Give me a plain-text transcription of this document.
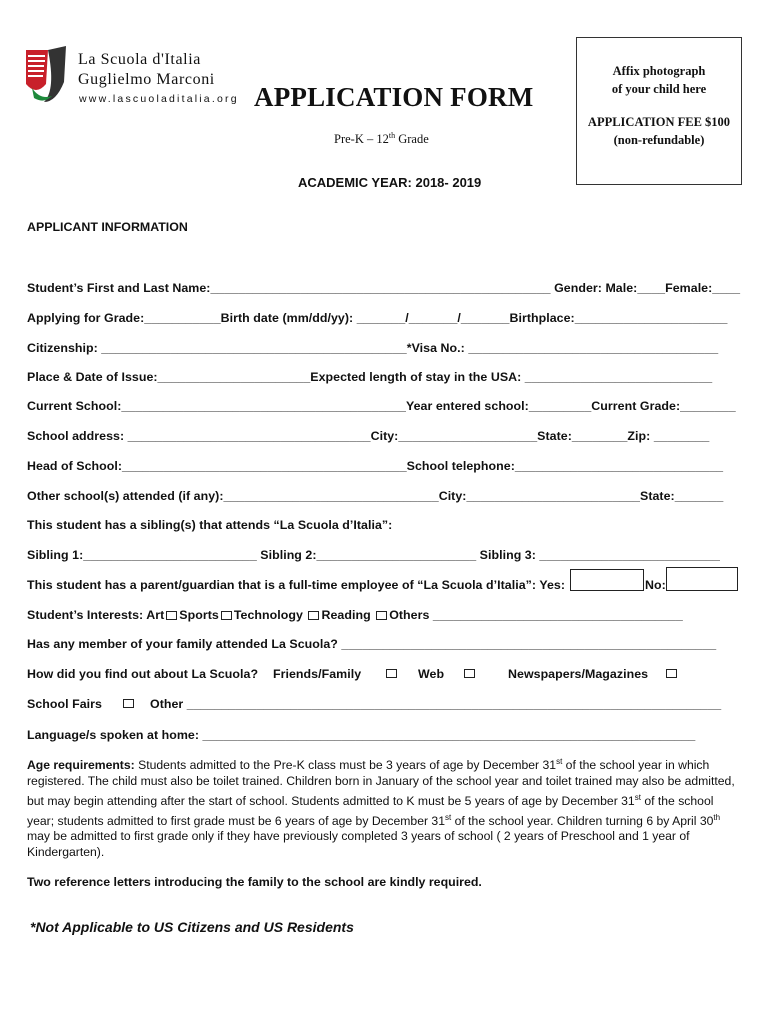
La Scuola d'Italia
Guglielmo Marconi
www.lascuoladitalia.org APPLICATION FORM
Pre-K – 12th Grade
ACADEMIC YEAR: 2018- 2019
Affix photograph
of your child here
APPLICATION FEE $100
(non-refundable)
APPLICANT INFORMATION
Student’s First and Last Name:_________________________________________________ Gender: Male:____Female:____
Applying for Grade:___________Birth date (mm/dd/yy): _______/_______/_______Birthplace:______________________
Citizenship: ____________________________________________*Visa No.: ____________________________________
Place & Date of Issue:______________________Expected length of stay in the USA: ___________________________
Current School:_________________________________________Year entered school:_________Current Grade:________
School address: ___________________________________City:____________________State:________Zip: ________
Head of School:_________________________________________School telephone:______________________________
Other school(s) attended (if any):_______________________________City:_________________________State:_______
This student has a sibling(s) that attends “La Scuola d’Italia”:
Sibling 1:_________________________ Sibling 2:_______________________ Sibling 3: __________________________
This student has a parent/guardian that is a full-time employee of “La Scuola d’Italia”: Yes:	No:
Student’s Interests: Art Sports Technology Reading Others ____________________________________
Has any member of your family attended La Scuola? ______________________________________________________
How did you find out about La Scuola? Friends/Family	Web	Newspapers/Magazines
School Fairs	Other _____________________________________________________________________________
Language/s spoken at home: _______________________________________________________________________
Age requirements: Students admitted to the Pre-K class must be 3 years of age by December 31st of the school year in which registered. The child must also be toilet trained. Children born in January of the school year and toilet trained may also be admitted, but may begin attending after the start of school. Students admitted to K must be 5 years of age by December 31st of the school year; students admitted to first grade must be 6 years of age by December 31st of the school year. Children turning 6 by April 30th may be admitted to first grade only if they have previously completed 3 years of school ( 2 years of Preschool and 1 year of Kindergarten).
Two reference letters introducing the family to the school are kindly required.
*Not Applicable to US Citizens and US Residents
